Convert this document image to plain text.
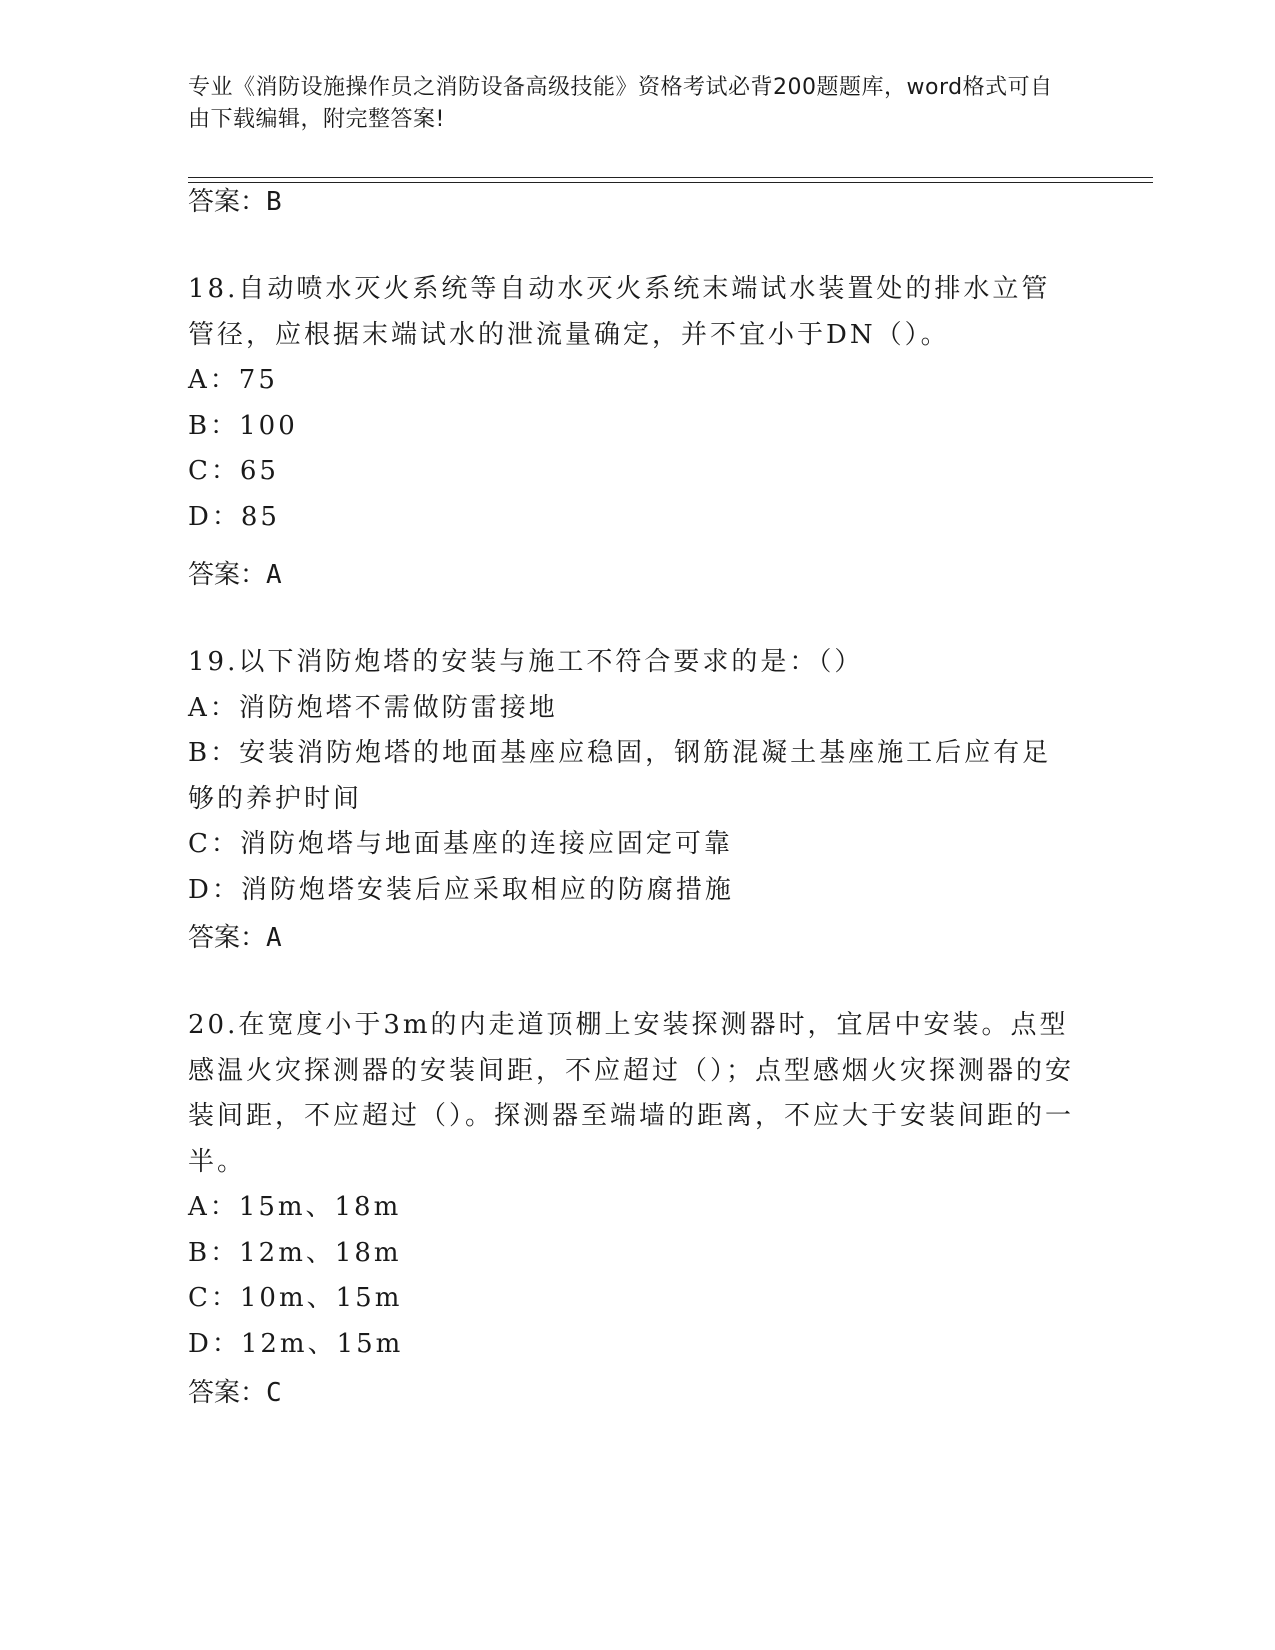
专业《消防设施操作员之消防设备高级技能》资格考试必背200题题库，word格式可自由下载编辑，附完整答案!
答案：B

18.自动喷水灭火系统等自动水灭火系统末端试水装置处的排水立管管径，应根据末端试水的泄流量确定，并不宜小于DN（）。

A：75

B：100

C：65

D：85

答案：A

19.以下消防炮塔的安装与施工不符合要求的是：（）

A：消防炮塔不需做防雷接地

B：安装消防炮塔的地面基座应稳固，钢筋混凝土基座施工后应有足够的养护时间

C：消防炮塔与地面基座的连接应固定可靠

D：消防炮塔安装后应采取相应的防腐措施

答案：A

20.在宽度小于3m的内走道顶棚上安装探测器时，宜居中安装。点型感温火灾探测器的安装间距，不应超过（）；点型感烟火灾探测器的安装间距，不应超过（）。探测器至端墙的距离，不应大于安装间距的一半。

A：15m、18m

B：12m、18m

C：10m、15m

D：12m、15m

答案：C
